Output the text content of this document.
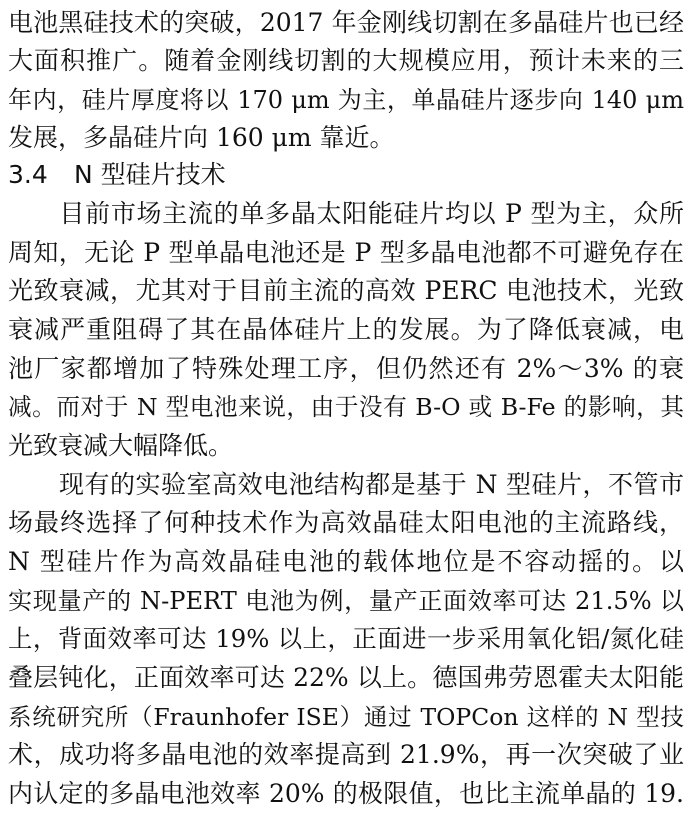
电池黑硅技术的突破，2017 年金刚线切割在多晶硅片也已经
大面积推广。随着金刚线切割的大规模应用，预计未来的三
年内，硅片厚度将以 170 μm 为主，单晶硅片逐步向 140 μm
发展，多晶硅片向 160 μm 靠近。
3.4 N 型硅片技术
　　目前市场主流的单多晶太阳能硅片均以 P 型为主，众所
周知，无论 P 型单晶电池还是 P 型多晶电池都不可避免存在
光致衰减，尤其对于目前主流的高效 PERC 电池技术，光致
衰减严重阻碍了其在晶体硅片上的发展。为了降低衰减，电
池厂家都增加了特殊处理工序，但仍然还有 2%～3% 的衰
减。而对于 N 型电池来说，由于没有 B-O 或 B-Fe 的影响，其
光致衰减大幅降低。
　　现有的实验室高效电池结构都是基于 N 型硅片，不管市
场最终选择了何种技术作为高效晶硅太阳电池的主流路线，
N 型硅片作为高效晶硅电池的载体地位是不容动摇的。以
实现量产的 N-PERT 电池为例，量产正面效率可达 21.5% 以
上，背面效率可达 19% 以上，正面进一步采用氧化铝/氮化硅
叠层钝化，正面效率可达 22% 以上。德国弗劳恩霍夫太阳能
系统研究所（Fraunhofer ISE）通过 TOPCon 这样的 N 型技
术，成功将多晶电池的效率提高到 21.9%，再一次突破了业
内认定的多晶电池效率 20% 的极限值，也比主流单晶的 19.
